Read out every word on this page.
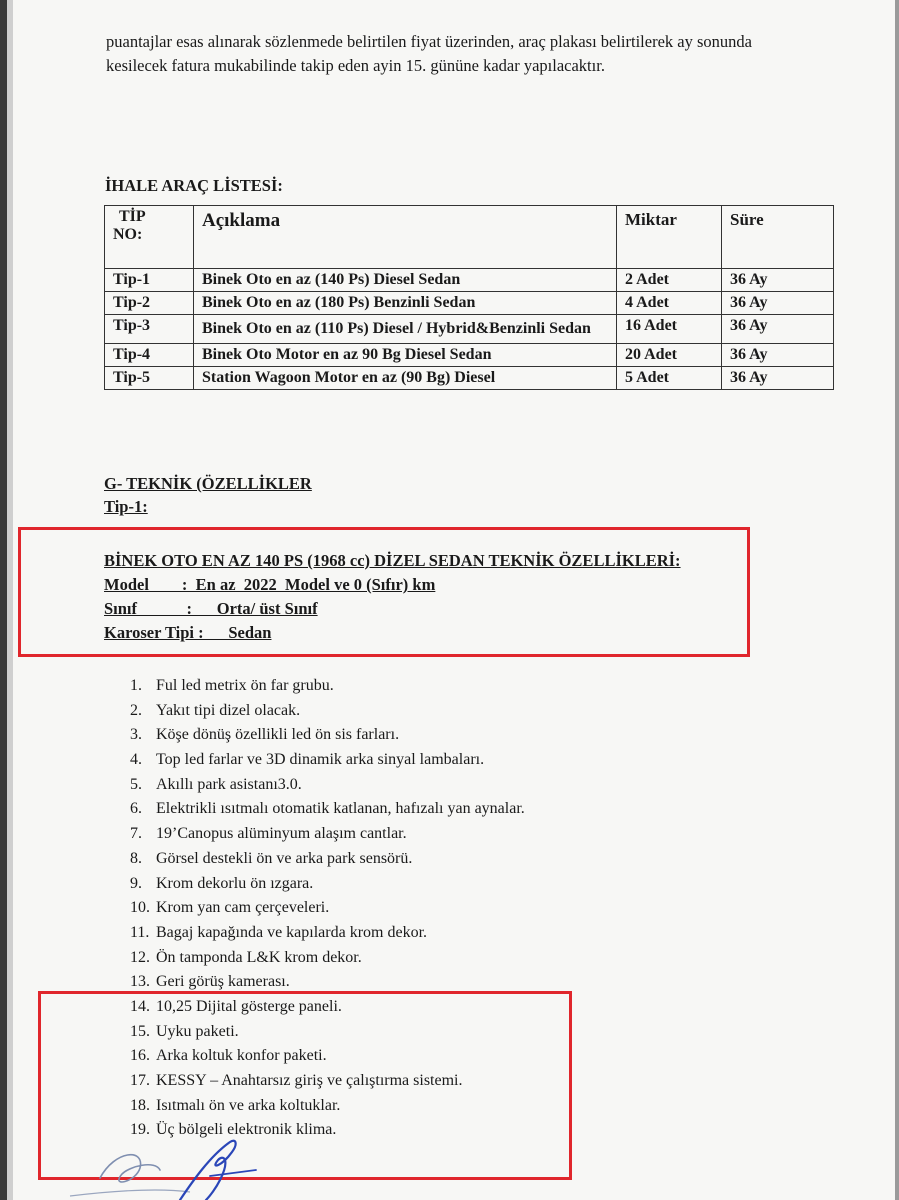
puantajlar esas alınarak sözlenmede belirtilen fiyat üzerinden, araç plakası belirtilerek ay sonunda
kesilecek fatura mukabilinde takip eden ayin 15. gününe kadar yapılacaktır.
İHALE ARAÇ LİSTESİ:
TİP
NO:	Açıklama	Miktar	Süre

Tip-1	Binek Oto en az (140 Ps) Diesel Sedan	2 Adet	36 Ay
Tip-2	Binek Oto en az (180 Ps) Benzinli Sedan	4 Adet	36 Ay
Tip-3	Binek Oto en az (110 Ps) Diesel / Hybrid&Benzinli Sedan	16 Adet	36 Ay
Tip-4	Binek Oto Motor en az 90 Bg Diesel Sedan	20 Adet	36 Ay
Tip-5	Station Wagoon Motor en az (90 Bg) Diesel	5 Adet	36 Ay
G- TEKNİK (ÖZELLİKLER
Tip-1:
BİNEK OTO EN AZ 140 PS (1968 cc) DİZEL SEDAN TEKNİK ÖZELLİKLERİ:
Model        :  En az  2022  Model ve 0 (Sıfır) km
Sınıf            :      Orta/ üst Sınıf
Karoser Tipi :      Sedan
1. Ful led metrix ön far grubu.
2. Yakıt tipi dizel olacak.
3. Köşe dönüş özellikli led ön sis farları.
4. Top led farlar ve 3D dinamik arka sinyal lambaları.
5. Akıllı park asistanı3.0.
6. Elektrikli ısıtmalı otomatik katlanan, hafızalı yan aynalar.
7. 19’Canopus alüminyum alaşım cantlar.
8. Görsel destekli ön ve arka park sensörü.
9. Krom dekorlu ön ızgara.
10. Krom yan cam çerçeveleri.
11. Bagaj kapağında ve kapılarda krom dekor.
12. Ön tamponda L&K krom dekor.
13. Geri görüş kamerası.
14. 10,25 Dijital gösterge paneli.
15. Uyku paketi.
16. Arka koltuk konfor paketi.
17. KESSY – Anahtarsız giriş ve çalıştırma sistemi.
18. Isıtmalı ön ve arka koltuklar.
19. Üç bölgeli elektronik klima.
